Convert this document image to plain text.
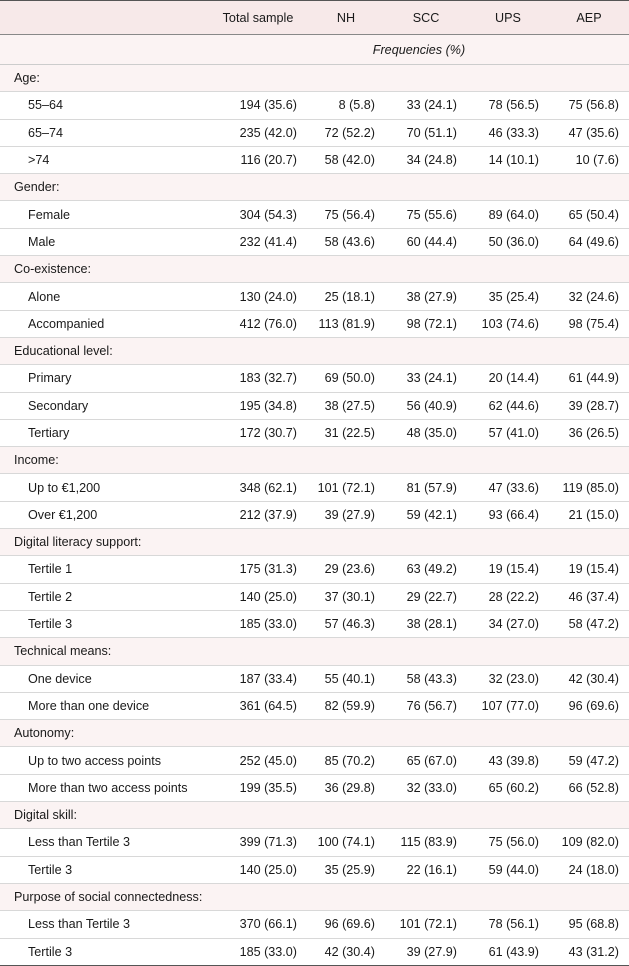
	Total sample	NH	SCC	UPS	AEP
	Frequencies (%)				
Age:					
55–64	194 (35.6)	8 (5.8)	33 (24.1)	78 (56.5)	75 (56.8)
65–74	235 (42.0)	72 (52.2)	70 (51.1)	46 (33.3)	47 (35.6)
>74	116 (20.7)	58 (42.0)	34 (24.8)	14 (10.1)	10 (7.6)
Gender:					
Female	304 (54.3)	75 (56.4)	75 (55.6)	89 (64.0)	65 (50.4)
Male	232 (41.4)	58 (43.6)	60 (44.4)	50 (36.0)	64 (49.6)
Co-existence:					
Alone	130 (24.0)	25 (18.1)	38 (27.9)	35 (25.4)	32 (24.6)
Accompanied	412 (76.0)	113 (81.9)	98 (72.1)	103 (74.6)	98 (75.4)
Educational level:					
Primary	183 (32.7)	69 (50.0)	33 (24.1)	20 (14.4)	61 (44.9)
Secondary	195 (34.8)	38 (27.5)	56 (40.9)	62 (44.6)	39 (28.7)
Tertiary	172 (30.7)	31 (22.5)	48 (35.0)	57 (41.0)	36 (26.5)
Income:					
Up to €1,200	348 (62.1)	101 (72.1)	81 (57.9)	47 (33.6)	119 (85.0)
Over €1,200	212 (37.9)	39 (27.9)	59 (42.1)	93 (66.4)	21 (15.0)
Digital literacy support:					
Tertile 1	175 (31.3)	29 (23.6)	63 (49.2)	19 (15.4)	19 (15.4)
Tertile 2	140 (25.0)	37 (30.1)	29 (22.7)	28 (22.2)	46 (37.4)
Tertile 3	185 (33.0)	57 (46.3)	38 (28.1)	34 (27.0)	58 (47.2)
Technical means:					
One device	187 (33.4)	55 (40.1)	58 (43.3)	32 (23.0)	42 (30.4)
More than one device	361 (64.5)	82 (59.9)	76 (56.7)	107 (77.0)	96 (69.6)
Autonomy:					
Up to two access points	252 (45.0)	85 (70.2)	65 (67.0)	43 (39.8)	59 (47.2)
More than two access points	199 (35.5)	36 (29.8)	32 (33.0)	65 (60.2)	66 (52.8)
Digital skill:					
Less than Tertile 3	399 (71.3)	100 (74.1)	115 (83.9)	75 (56.0)	109 (82.0)
Tertile 3	140 (25.0)	35 (25.9)	22 (16.1)	59 (44.0)	24 (18.0)
Purpose of social connectedness:					
Less than Tertile 3	370 (66.1)	96 (69.6)	101 (72.1)	78 (56.1)	95 (68.8)
Tertile 3	185 (33.0)	42 (30.4)	39 (27.9)	61 (43.9)	43 (31.2)
